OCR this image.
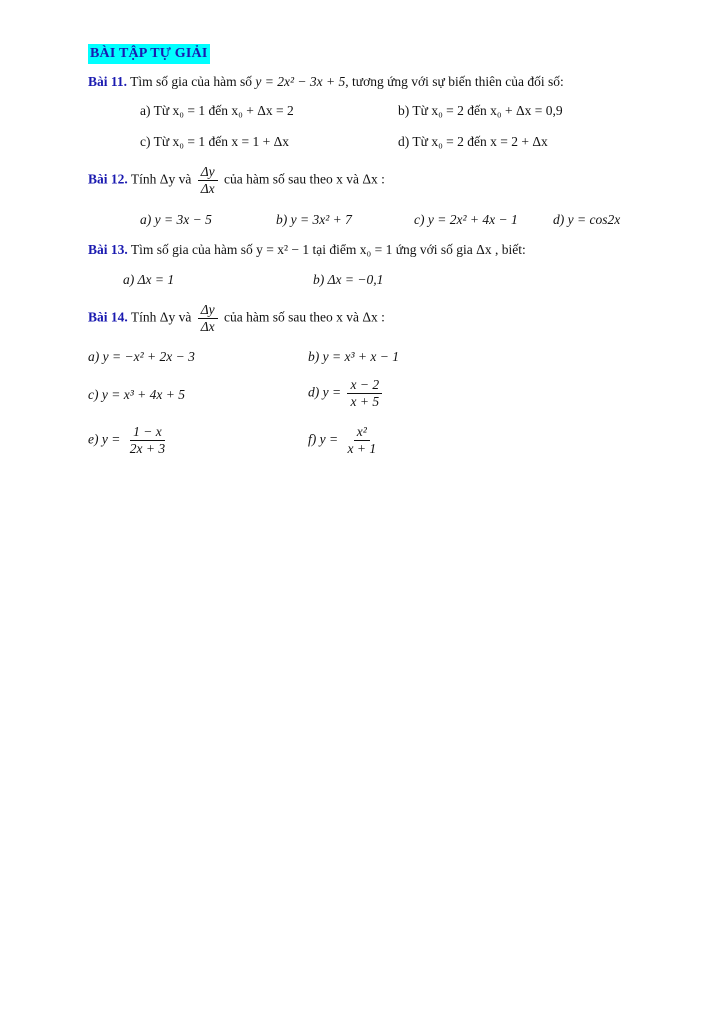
BÀI TẬP TỰ GIẢI
Bài 11. Tìm số gia của hàm số y = 2x² − 3x + 5, tương ứng với sự biến thiên của đối số:
a) Từ x₀ = 1 đến x₀ + Δx = 2	b) Từ x₀ = 2 đến x₀ + Δx = 0,9
c) Từ x₀ = 1 đến x = 1 + Δx	d) Từ x₀ = 2 đến x = 2 + Δx
Bài 12. Tính Δy và $\frac{\Delta y}{\Delta x}$ của hàm số sau theo x và Δx :
a) y = 3x − 5	b) y = 3x² + 7	c) y = 2x² + 4x − 1	d) y = cos2x
Bài 13. Tìm số gia của hàm số y = x² − 1 tại điểm x₀ = 1 ứng với số gia Δx , biết:
a) Δx = 1	b) Δx = −0,1
Bài 14. Tính Δy và $\frac{\Delta y}{\Delta x}$ của hàm số sau theo x và Δx :
a) y = −x² + 2x − 3	b) y = x³ + x − 1
c) y = x³ + 4x + 5	d) $y = \frac{x - 2}{x + 5}$
e) $y = \frac{1 - x}{2x + 3}$	f) $y = \frac{\text{x²}}{x + 1}$
